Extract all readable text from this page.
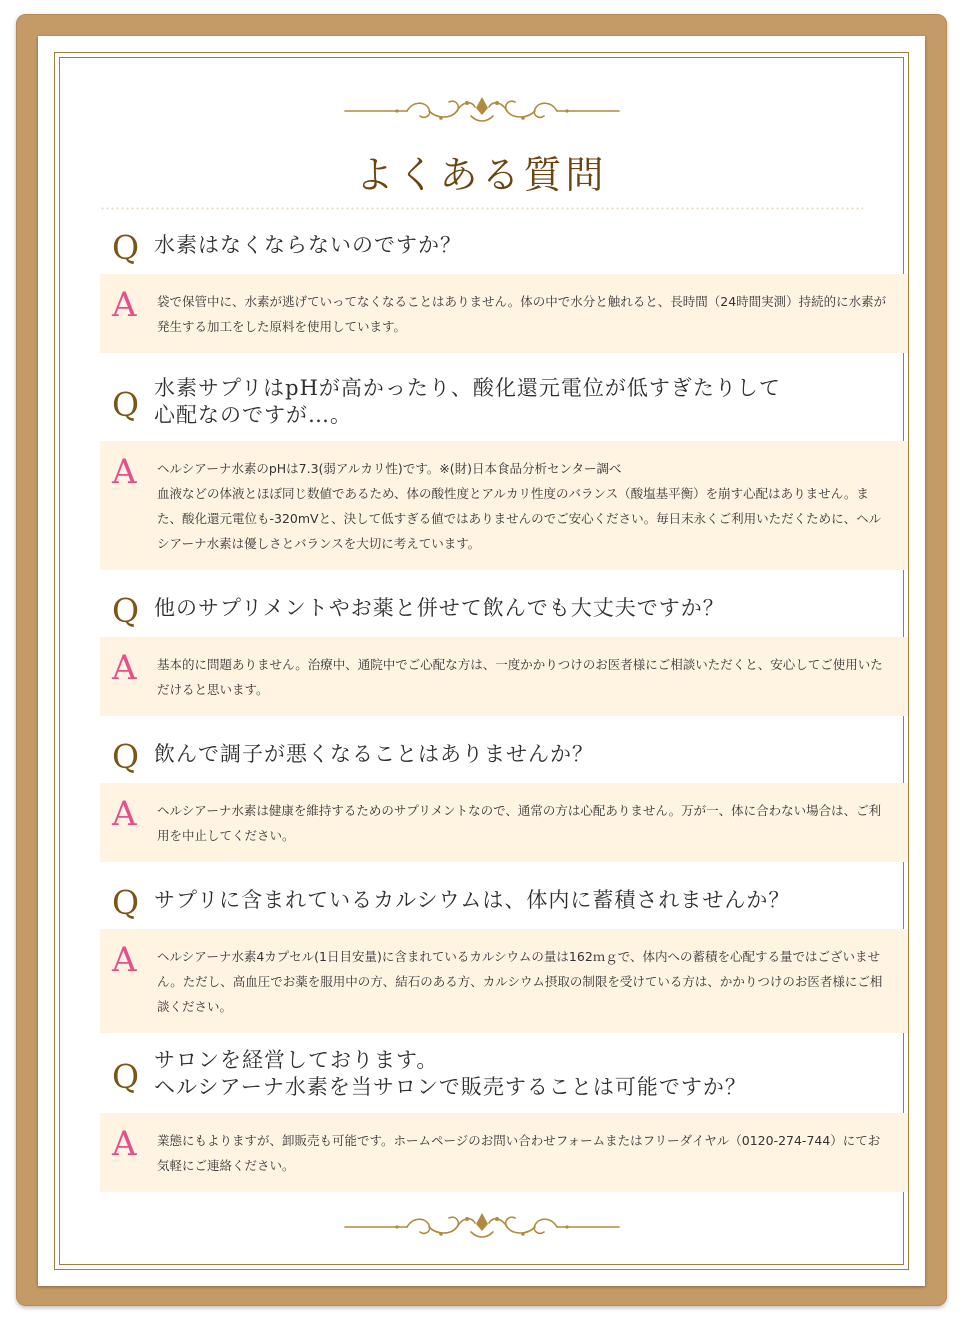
よくある質問
Q 水素はなくならないのですか？
A 袋で保管中に、水素が逃げていってなくなることはありません。体の中で水分と触れると、長時間（24時間実測）持続的に水素が発生する加工をした原料を使用しています。

Q 水素サプリはpHが高かったり、酸化還元電位が低すぎたりして
心配なのですが…。
A ヘルシアーナ水素のpHは7.3(弱アルカリ性)です。※(財)日本食品分析センター調べ

血液などの体液とほぼ同じ数値であるため、体の酸性度とアルカリ性度のバランス（酸塩基平衡）を崩す心配はありません。また、酸化還元電位も-320mVと、決して低すぎる値ではありませんのでご安心ください。毎日末永くご利用いただくために、ヘルシアーナ水素は優しさとバランスを大切に考えています。

Q 他のサプリメントやお薬と併せて飲んでも大丈夫ですか？
A 基本的に問題ありません。治療中、通院中でご心配な方は、一度かかりつけのお医者様にご相談いただくと、安心してご使用いただけると思います。

Q 飲んで調子が悪くなることはありませんか？
A ヘルシアーナ水素は健康を維持するためのサプリメントなので、通常の方は心配ありません。万が一、体に合わない場合は、ご利用を中止してください。

Q サプリに含まれているカルシウムは、体内に蓄積されませんか？
A ヘルシアーナ水素4カプセル(1日目安量)に含まれているカルシウムの量は162ｍｇで、体内への蓄積を心配する量ではございません。ただし、高血圧でお薬を服用中の方、結石のある方、カルシウム摂取の制限を受けている方は、かかりつけのお医者様にご相談ください。

Q サロンを経営しております。
ヘルシアーナ水素を当サロンで販売することは可能ですか？
A 業態にもよりますが、卸販売も可能です。ホームページのお問い合わせフォームまたはフリーダイヤル（0120-274-744）にてお気軽にご連絡ください。
